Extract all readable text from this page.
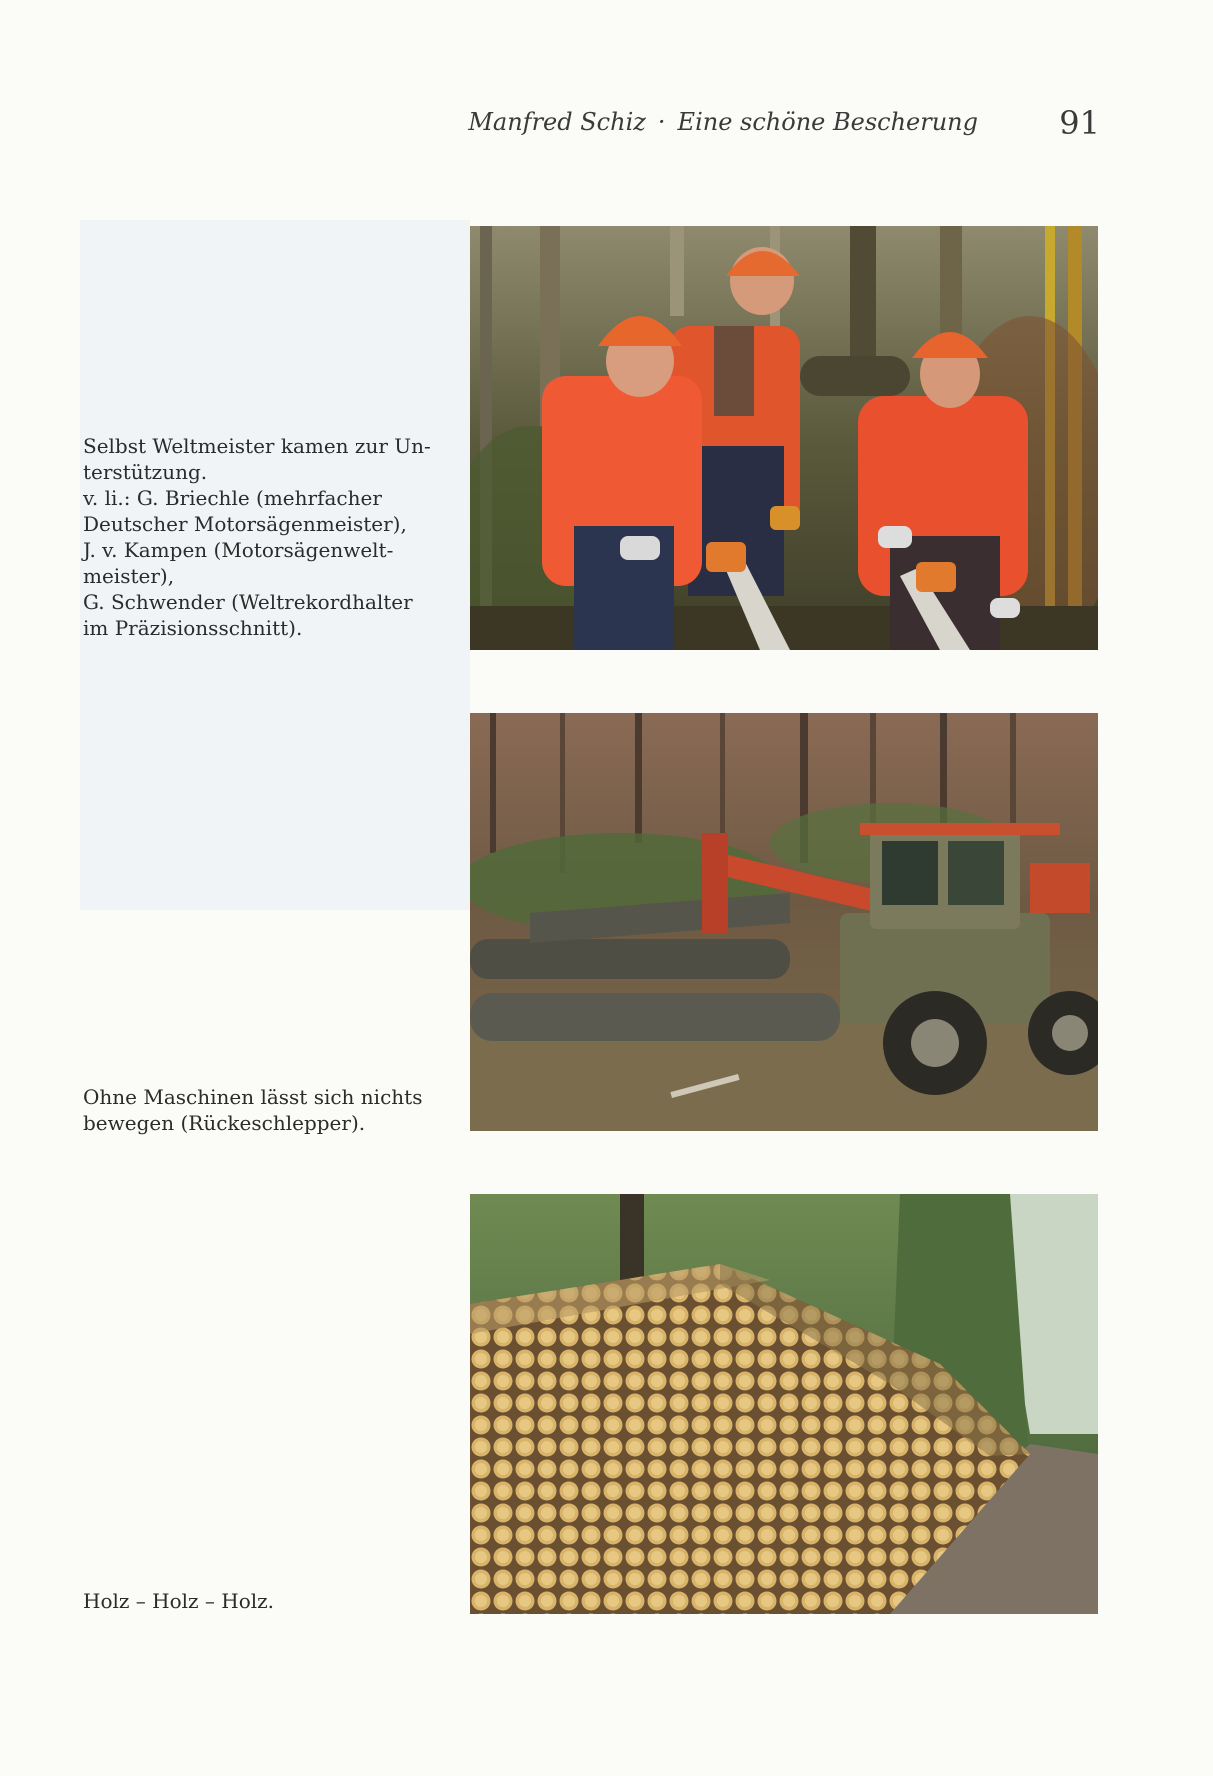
Manfred Schiz · Eine schöne Bescherung	91
Selbst Weltmeister kamen zur Un-
terstützung.
v. li.: G. Briechle (mehrfacher
Deutscher Motorsägenmeister),
J. v. Kampen (Motorsägenwelt-
meister),
G. Schwender (Weltrekordhalter
im Präzisionsschnitt).
Ohne Maschinen lässt sich nichts
bewegen (Rückeschlepper).
Holz – Holz – Holz.
